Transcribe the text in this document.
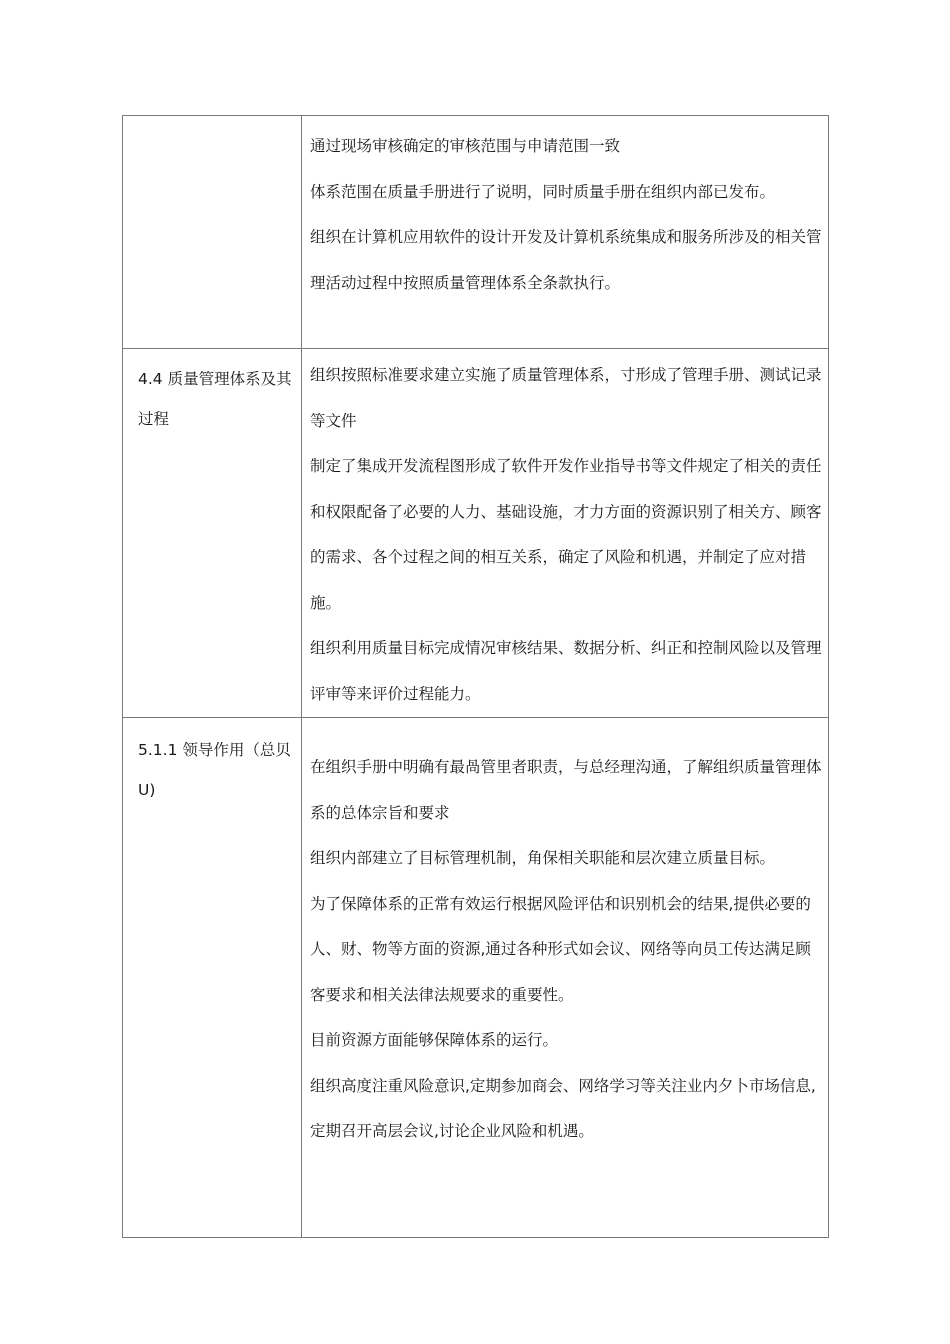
	通过现场审核确定的审核范围与申请范围一致
体系范围在质量手册进行了说明，同时质量手册在组织内部已发布。
组织在计算机应用软件的设计开发及计算机系统集成和服务所涉及的相关管理活动过程中按照质量管理体系全条款执行。

4.4 质量管理体系及其过程	组织按照标准要求建立实施了质量管理体系，寸形成了管理手册、测试记录等文件
制定了集成开发流程图形成了软件开发作业指导书等文件规定了相关的责任和权限配备了必要的人力、基础设施，才力方面的资源识别了相关方、顾客的需求、各个过程之间的相互关系，确定了风险和机遇，并制定了应对措施。
组织利用质量目标完成情况审核结果、数据分析、纠正和控制风险以及管理评审等来评价过程能力。

5.1.1 领导作用（总贝U)	在组织手册中明确有最咼管里者职责，与总经理沟通，了解组织质量管理体系的总体宗旨和要求
组织内部建立了目标管理机制，角保相关职能和层次建立质量目标。
为了保障体系的正常有效运行根据风险评估和识别机会的结果,提供必要的人、财、物等方面的资源,通过各种形式如会议、网络等向员工传达满足顾客要求和相关法律法规要求的重要性。
目前资源方面能够保障体系的运行。
组织高度注重风险意识,定期参加商会、网络学习等关注业内夕卜市场信息,定期召开高层会议,讨论企业风险和机遇。
